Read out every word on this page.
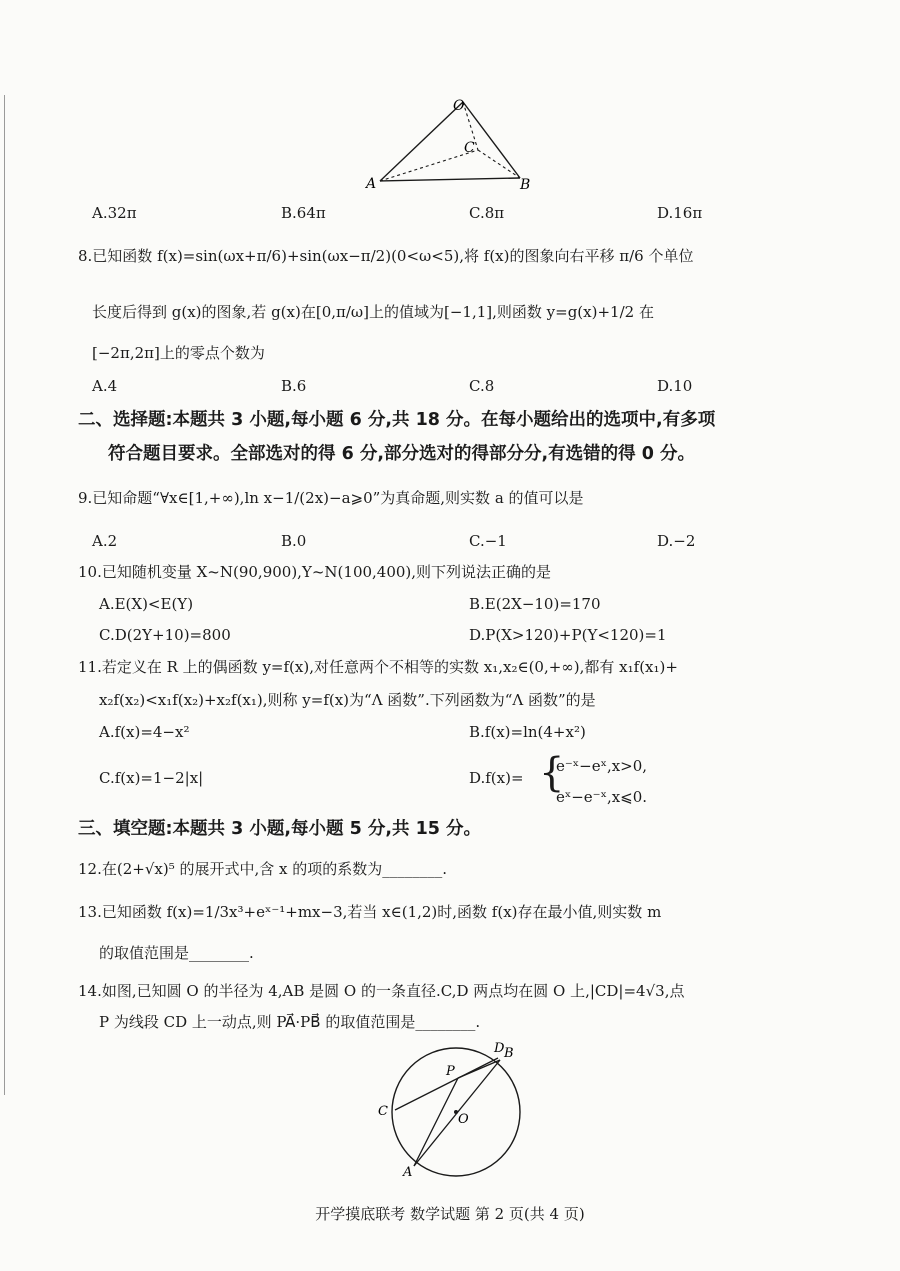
O
C
A	B
A.32π	B.64π	C.8π	D.16π
8.已知函数 f(x)=sin(ωx+π/6)+sin(ωx−π/2)(0<ω<5),将 f(x)的图象向右平移 π/6 个单位
长度后得到 g(x)的图象,若 g(x)在[0,π/ω]上的值域为[−1,1],则函数 y=g(x)+1/2 在
[−2π,2π]上的零点个数为
A.4	B.6	C.8	D.10
二、选择题:本题共 3 小题,每小题 6 分,共 18 分。在每小题给出的选项中,有多项
符合题目要求。全部选对的得 6 分,部分选对的得部分分,有选错的得 0 分。
9.已知命题“∀x∈[1,+∞),ln x−1/(2x)−a⩾0”为真命题,则实数 a 的值可以是
A.2	B.0	C.−1	D.−2
10.已知随机变量 X~N(90,900),Y~N(100,400),则下列说法正确的是
A.E(X)<E(Y)	B.E(2X−10)=170
C.D(2Y+10)=800	D.P(X>120)+P(Y<120)=1
11.若定义在 R 上的偶函数 y=f(x),对任意两个不相等的实数 x₁,x₂∈(0,+∞),都有 x₁f(x₁)+
x₂f(x₂)<x₁f(x₂)+x₂f(x₁),则称 y=f(x)为“Λ 函数”.下列函数为“Λ 函数”的是
A.f(x)=4−x²	B.f(x)=ln(4+x²)
C.f(x)=1−2|x|	D.f(x)= {
e⁻ˣ−eˣ,x>0,
eˣ−e⁻ˣ,x⩽0.
三、填空题:本题共 3 小题,每小题 5 分,共 15 分。
12.在(2+√x)⁵ 的展开式中,含 x 的项的系数为________.
13.已知函数 f(x)=1/3x³+eˣ⁻¹+mx−3,若当 x∈(1,2)时,函数 f(x)存在最小值,则实数 m
的取值范围是________.
14.如图,已知圆 O 的半径为 4,AB 是圆 O 的一条直径.C,D 两点均在圆 O 上,|CD|=4√3,点
P 为线段 CD 上一动点,则 PA⃗·PB⃗ 的取值范围是________.
D B
P
C
O
A
开学摸底联考 数学试题 第 2 页(共 4 页)
